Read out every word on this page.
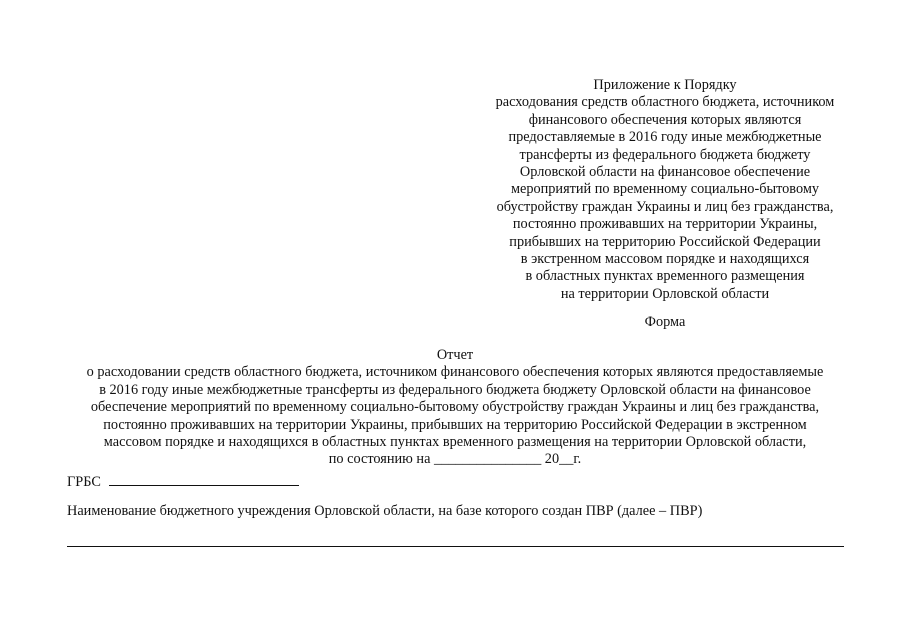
Приложение к Порядку
расходования средств областного бюджета, источником
финансового обеспечения которых являются
предоставляемые в 2016 году иные межбюджетные
трансферты из федерального бюджета бюджету
Орловской области на финансовое обеспечение
мероприятий по временному социально-бытовому
обустройству граждан Украины и лиц без гражданства,
постоянно проживавших на территории Украины,
прибывших на территорию Российской Федерации
в экстренном массовом порядке и находящихся
в областных пунктах временного размещения
на территории Орловской области
Форма
Отчет
о расходовании средств областного бюджета, источником финансового обеспечения которых являются предоставляемые
в 2016 году иные межбюджетные трансферты из федерального бюджета бюджету Орловской области на финансовое
обеспечение мероприятий по временному социально-бытовому обустройству граждан Украины и лиц без гражданства,
постоянно проживавших на территории Украины, прибывших на территорию Российской Федерации в экстренном
массовом порядке и находящихся в областных пунктах временного размещения на территории Орловской области,
по состоянию на _______________ 20__г.
ГРБС
Наименование бюджетного учреждения Орловской области, на базе которого создан ПВР (далее – ПВР)
